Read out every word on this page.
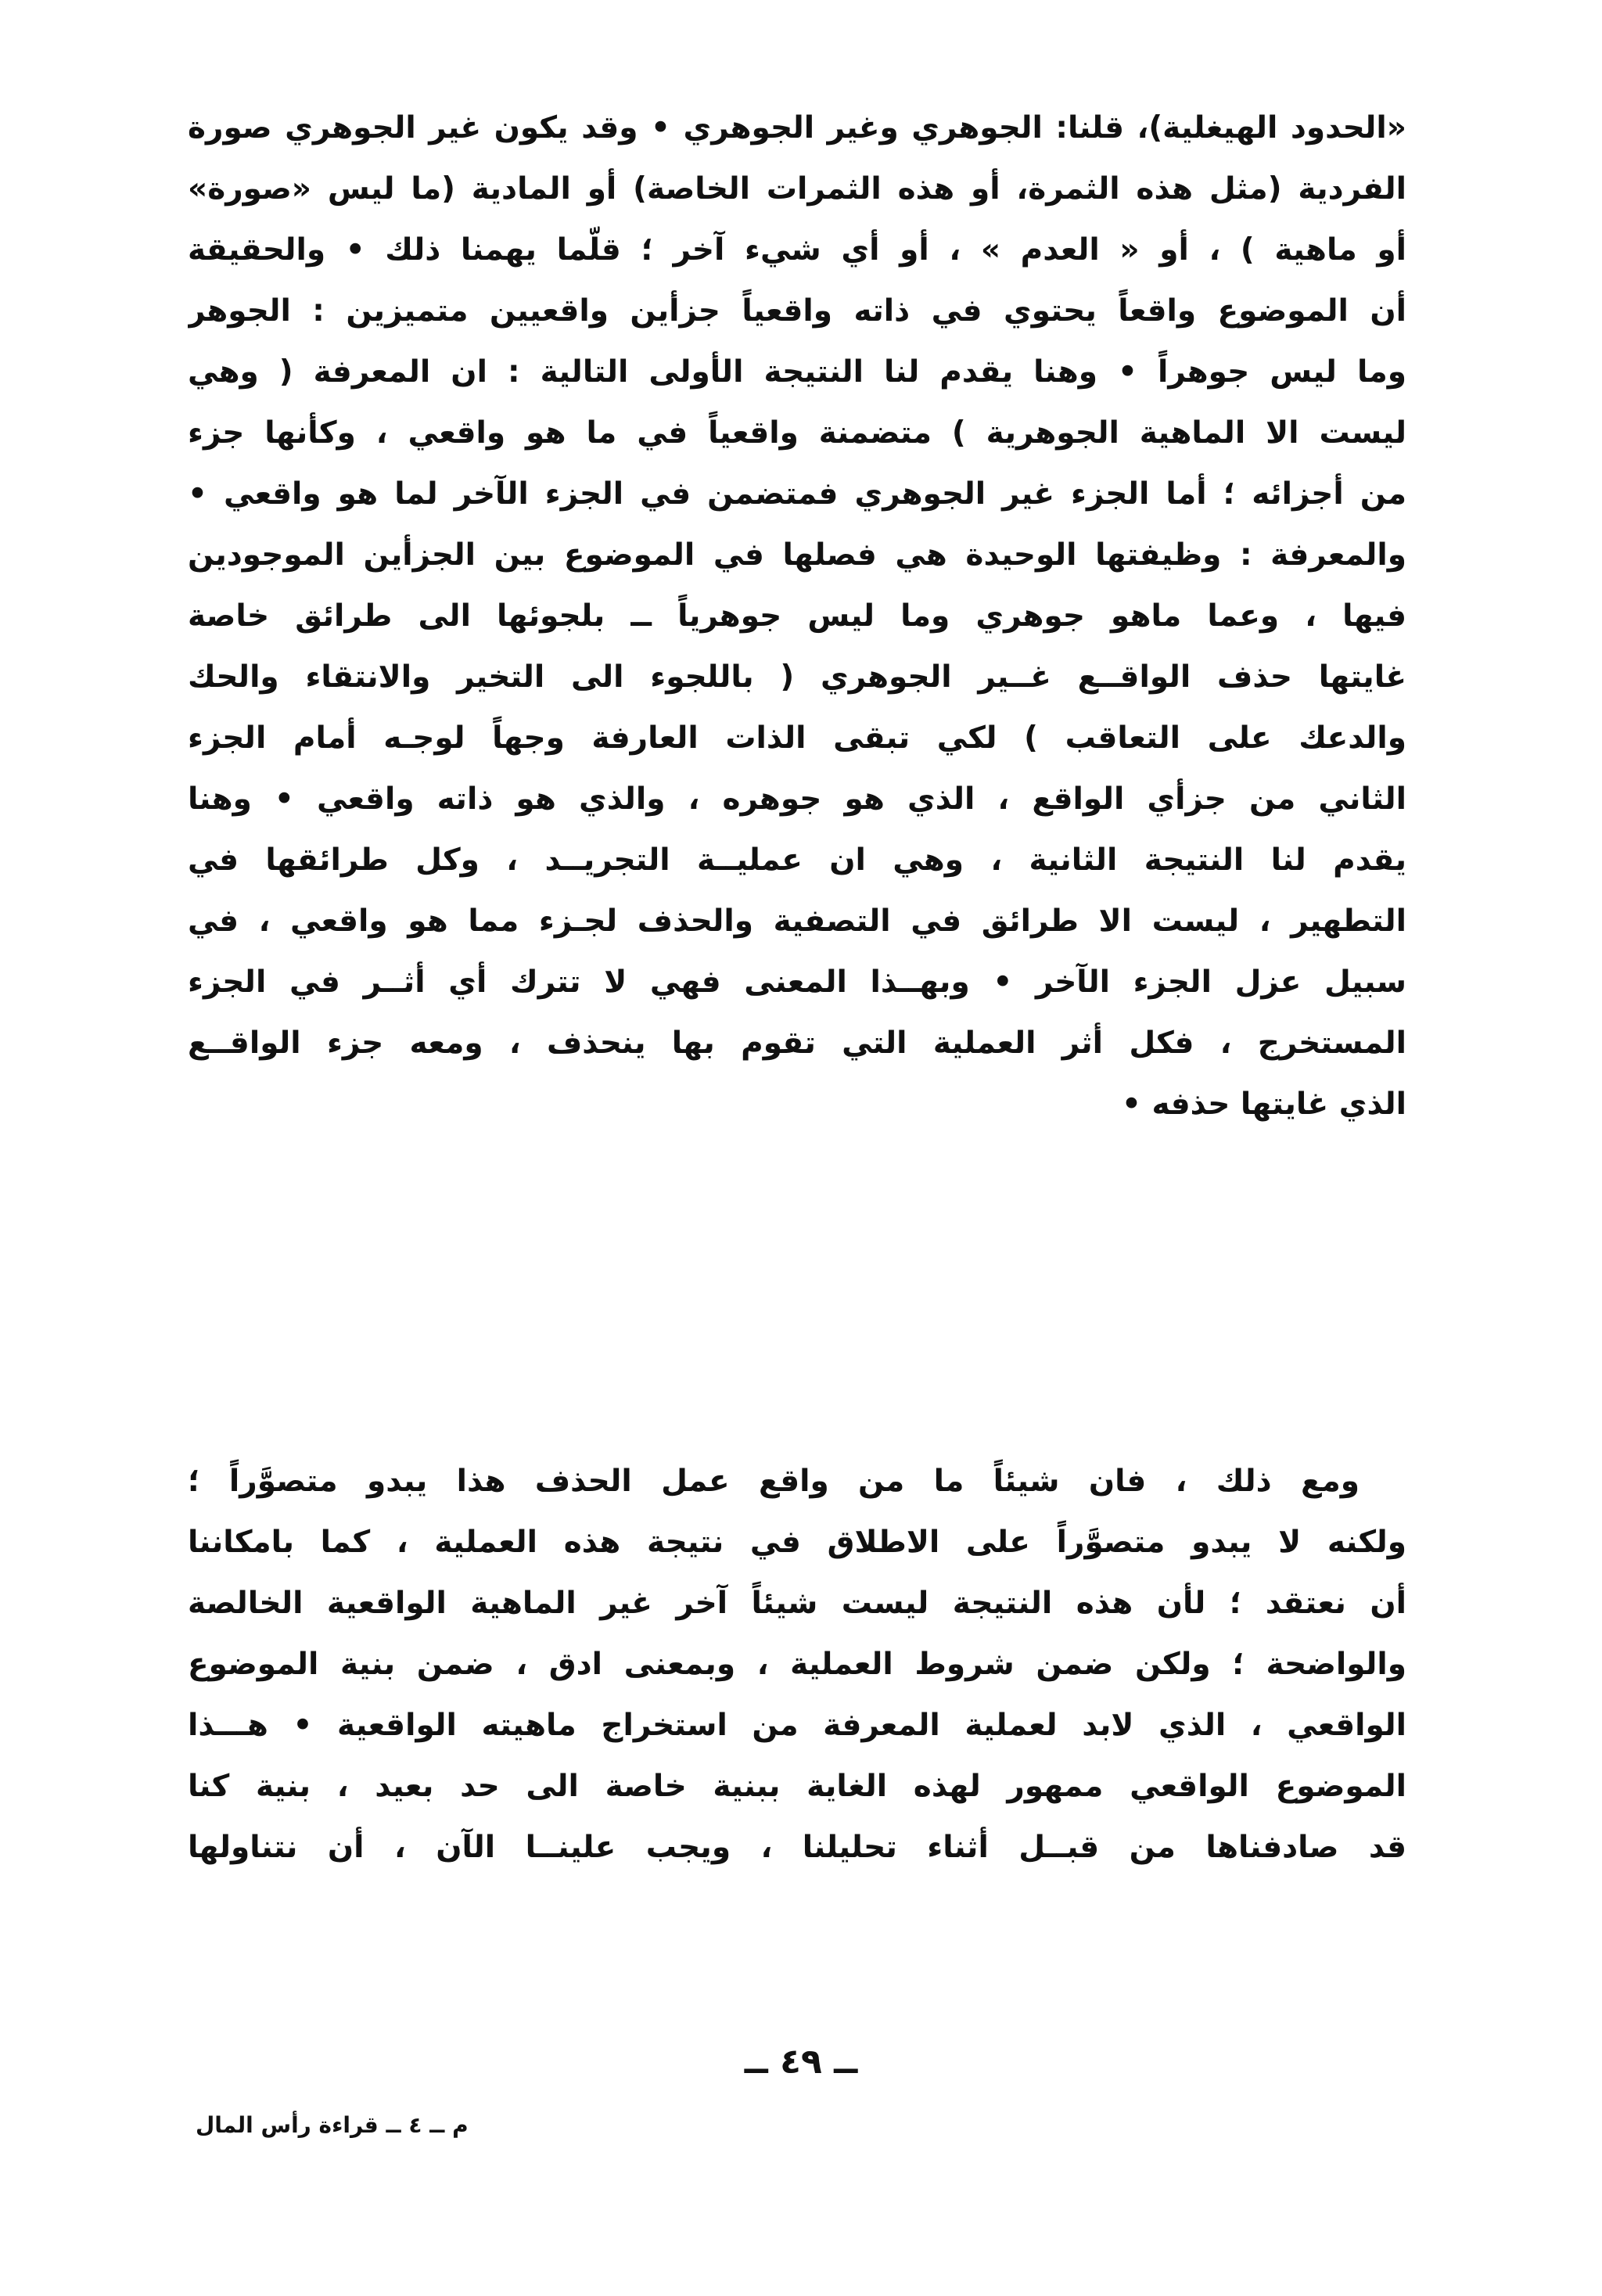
«الحدود الهيغلية)، قلنا: الجوهري وغير الجوهري • وقد يكون غير الجوهري صورة
الفردية (مثل هذه الثمرة، أو هذه الثمرات الخاصة) أو المادية (ما ليس «صورة»
أو ماهية ) ، أو « العدم » ، أو أي شيء آخر ؛ قلّما يهمنا ذلك • والحقيقة
أن الموضوع واقعاً يحتوي في ذاته واقعياً جزأين واقعيين متميزين : الجوهر
وما ليس جوهراً • وهنا يقدم لنا النتيجة الأولى التالية : ان المعرفة ( وهي
ليست الا الماهية الجوهرية ) متضمنة واقعياً في ما هو واقعي ، وكأنها جزء
من أجزائه ؛ أما الجزء غير الجوهري فمتضمن في الجزء الآخر لما هو واقعي •
والمعرفة : وظيفتها الوحيدة هي فصلها في الموضوع بين الجزأين الموجودين
فيها ، وعما ماهو جوهري وما ليس جوهرياً ــ بلجوئها الى طرائق خاصة
غايتها حذف الواقــع غــير الجوهري ( باللجوء الى التخير والانتقاء والحك
والدعك على التعاقب ) لكي تبقى الذات العارفة وجهاً لوجـه أمام الجزء
الثاني من جزأي الواقع ، الذي هو جوهره ، والذي هو ذاته واقعي • وهنا
يقدم لنا النتيجة الثانية ، وهي ان عمليــة التجريــد ، وكل طرائقها في
التطهير ، ليست الا طرائق في التصفية والحذف لجـزء مما هو واقعي ، في
سبيل عزل الجزء الآخر • وبهــذا المعنى فهي لا تترك أي أثــر في الجزء
المستخرج ، فكل أثر العملية التي تقوم بها ينحذف ، ومعه جزء الواقــع
الذي غايتها حذفه •
ومع ذلك ، فان شيئاً ما من واقع عمل الحذف هذا يبدو متصوَّراً ؛
ولكنه لا يبدو متصوَّراً على الاطلاق في نتيجة هذه العملية ، كما بامكاننا
أن نعتقد ؛ لأن هذه النتيجة ليست شيئاً آخر غير الماهية الواقعية الخالصة
والواضحة ؛ ولكن ضمن شروط العملية ، وبمعنى ادق ، ضمن بنية الموضوع
الواقعي ، الذي لابد لعملية المعرفة من استخراج ماهيته الواقعية • هـــذا
الموضوع الواقعي ممهور لهذه الغاية ببنية خاصة الى حد بعيد ، بنية كنا
قد صادفناها من قبــل أثناء تحليلنا ، ويجب علينــا الآن ، أن نتناولها
ــ ٤٩ ــ
م ــ ٤ ــ قراءة رأس المال
